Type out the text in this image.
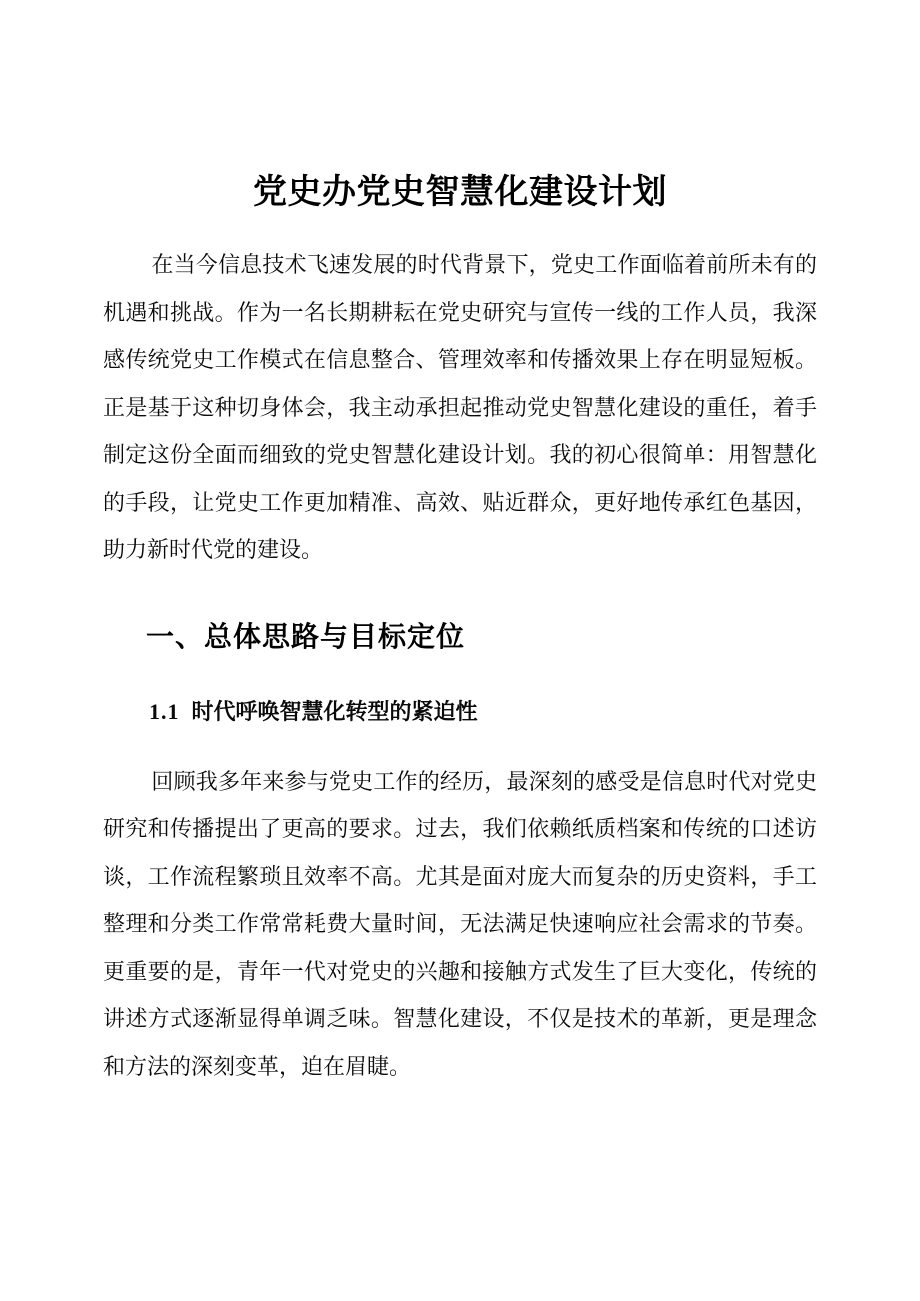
党史办党史智慧化建设计划

在当今信息技术飞速发展的时代背景下，党史工作面临着前所未有的机遇和挑战。作为一名长期耕耘在党史研究与宣传一线的工作人员，我深感传统党史工作模式在信息整合、管理效率和传播效果上存在明显短板。正是基于这种切身体会，我主动承担起推动党史智慧化建设的重任，着手制定这份全面而细致的党史智慧化建设计划。我的初心很简单：用智慧化的手段，让党史工作更加精准、高效、贴近群众，更好地传承红色基因，助力新时代党的建设。

一、总体思路与目标定位
1.1 时代呼唤智慧化转型的紧迫性

回顾我多年来参与党史工作的经历，最深刻的感受是信息时代对党史研究和传播提出了更高的要求。过去，我们依赖纸质档案和传统的口述访谈，工作流程繁琐且效率不高。尤其是面对庞大而复杂的历史资料，手工整理和分类工作常常耗费大量时间，无法满足快速响应社会需求的节奏。更重要的是，青年一代对党史的兴趣和接触方式发生了巨大变化，传统的讲述方式逐渐显得单调乏味。智慧化建设，不仅是技术的革新，更是理念和方法的深刻变革，迫在眉睫。
